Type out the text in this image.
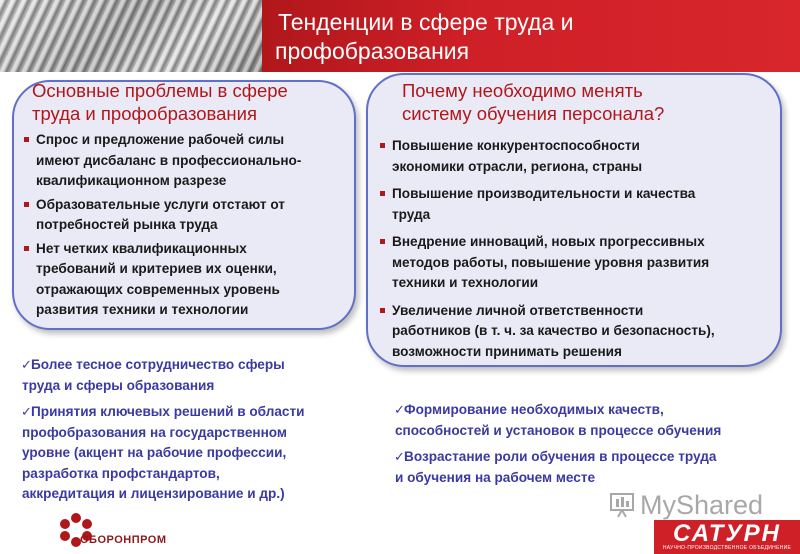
Тенденции в сфере труда и
профобразования
Основные проблемы в сфере
труда и профобразования
Спрос и предложение рабочей силы
имеют дисбаланс в профессионально-
квалификационном разрезе
Образовательные услуги отстают от
потребностей рынка труда
Нет четких квалификационных
требований и критериев их оценки,
отражающих современных уровень
развития техники и технологии
✓ Более тесное сотрудничество сферы
труда и сферы образования
✓ Принятия ключевых решений в области
профобразования на государственном
уровне (акцент на рабочие профессии,
разработка профстандартов,
аккредитация и лицензирование и др.)
Почему необходимо менять
систему обучения персонала?
Повышение конкурентоспособности
экономики отрасли, региона, страны
Повышение производительности и качества
труда
Внедрение инноваций, новых прогрессивных
методов работы, повышение уровня развития
техники и технологии
Увеличение личной ответственности
работников (в т. ч. за качество и безопасность),
возможности принимать решения
✓ Формирование необходимых качеств,
способностей и установок в процессе обучения
✓ Возрастание роли обучения в процессе труда
и обучения на рабочем месте
ОБОРОНПРОМ
MyShared
САТУРН
НАУЧНО-ПРОИЗВОДСТВЕННОЕ ОБЪЕДИНЕНИЕ
